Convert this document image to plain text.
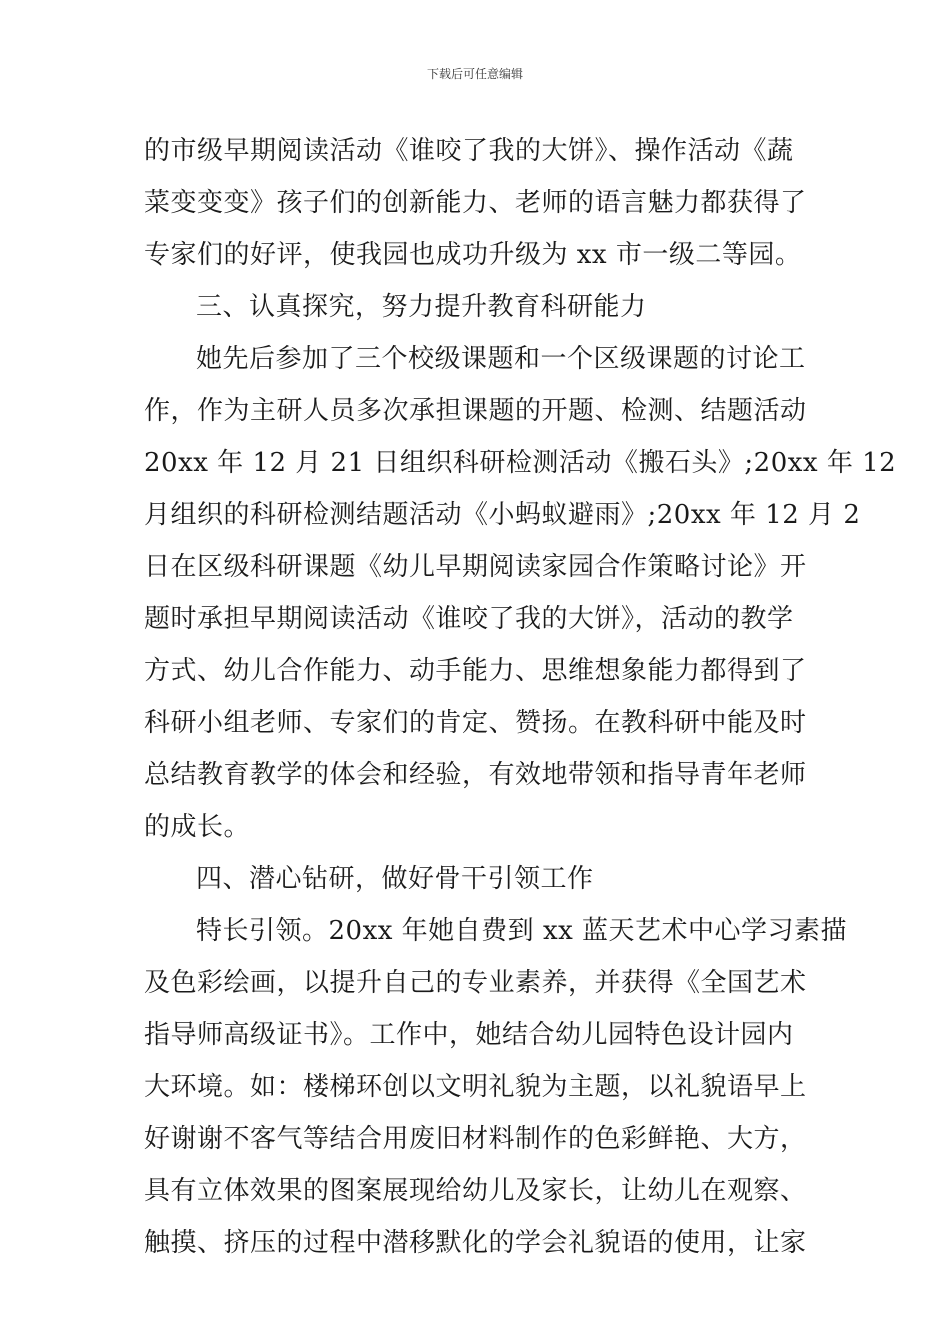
下载后可任意编辑
的市级早期阅读活动《谁咬了我的大饼》、操作活动《蔬
菜变变变》孩子们的创新能力、老师的语言魅力都获得了
专家们的好评，使我园也成功升级为 xx 市一级二等园。
三、认真探究，努力提升教育科研能力
她先后参加了三个校级课题和一个区级课题的讨论工
作，作为主研人员多次承担课题的开题、检测、结题活动
20xx 年 12 月 21 日组织科研检测活动《搬石头》;20xx 年 12
月组织的科研检测结题活动《小蚂蚁避雨》;20xx 年 12 月 2
日在区级科研课题《幼儿早期阅读家园合作策略讨论》开
题时承担早期阅读活动《谁咬了我的大饼》，活动的教学
方式、幼儿合作能力、动手能力、思维想象能力都得到了
科研小组老师、专家们的肯定、赞扬。在教科研中能及时
总结教育教学的体会和经验，有效地带领和指导青年老师
的成长。
四、潜心钻研，做好骨干引领工作
特长引领。20xx 年她自费到 xx 蓝天艺术中心学习素描
及色彩绘画，以提升自己的专业素养，并获得《全国艺术
指导师高级证书》。工作中，她结合幼儿园特色设计园内
大环境。如：楼梯环创以文明礼貌为主题，以礼貌语早上
好谢谢不客气等结合用废旧材料制作的色彩鲜艳、大方，
具有立体效果的图案展现给幼儿及家长，让幼儿在观察、
触摸、挤压的过程中潜移默化的学会礼貌语的使用，让家
